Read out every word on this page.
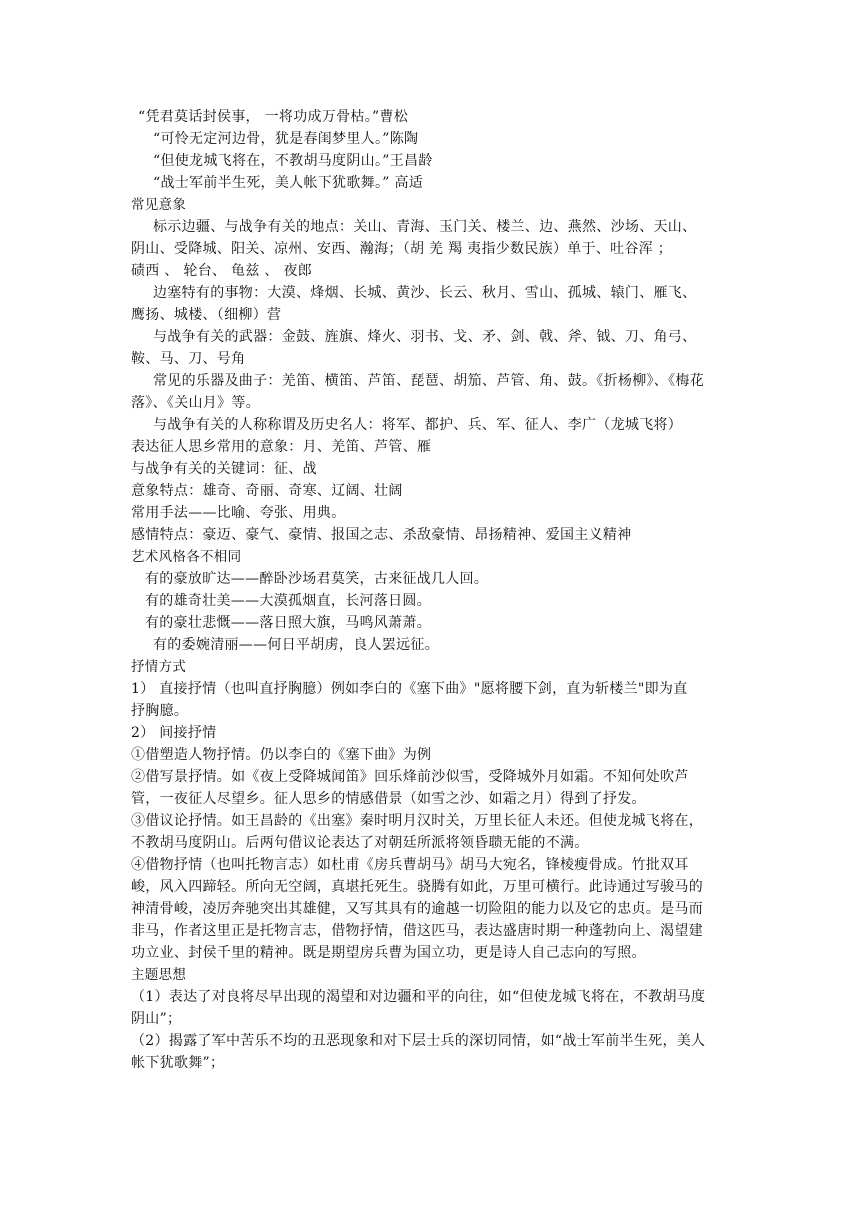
“凭君莫话封侯事， 一将功成万骨枯。”曹松
“可怜无定河边骨，犹是春闺梦里人。”陈陶
“但使龙城飞将在，不教胡马度阴山。”王昌龄
“战士军前半生死，美人帐下犹歌舞。” 高适
常见意象
标示边疆、与战争有关的地点：关山、青海、玉门关、楼兰、边、燕然、沙场、天山、
阴山、受降城、阳关、凉州、安西、瀚海；（胡 羌 羯 夷指少数民族）单于、吐谷浑 ；
碛西 、 轮台、 龟兹 、 夜郎
边塞特有的事物：大漠、烽烟、长城、黄沙、长云、秋月、雪山、孤城、辕门、雁飞、
鹰扬、城楼、（细柳）营
与战争有关的武器：金鼓、旌旗、烽火、羽书、戈、矛、剑、戟、斧、钺、刀、角弓、
鞍、马、刀、号角
常见的乐器及曲子：羌笛、横笛、芦笛、琵琶、胡笳、芦管、角、鼓。《折杨柳》、《梅花
落》、《关山月》等。
与战争有关的人称称谓及历史名人：将军、都护、兵、军、征人、李广（龙城飞将）
表达征人思乡常用的意象：月、羌笛、芦管、雁
与战争有关的关键词：征、战
意象特点：雄奇、奇丽、奇寒、辽阔、壮阔
常用手法——比喻、夸张、用典。
感情特点：豪迈、豪气、豪情、报国之志、杀敌豪情、昂扬精神、爱国主义精神
艺术风格各不相同
有的豪放旷达——醉卧沙场君莫笑，古来征战几人回。
有的雄奇壮美——大漠孤烟直，长河落日圆。
有的豪壮悲慨——落日照大旗，马鸣风萧萧。
有的委婉清丽——何日平胡虏，良人罢远征。
抒情方式
1） 直接抒情（也叫直抒胸臆）例如李白的《塞下曲》"愿将腰下剑，直为斩楼兰"即为直
抒胸臆。
2） 间接抒情
①借塑造人物抒情。仍以李白的《塞下曲》为例
②借写景抒情。如《夜上受降城闻笛》回乐烽前沙似雪，受降城外月如霜。不知何处吹芦
管，一夜征人尽望乡。征人思乡的情感借景（如雪之沙、如霜之月）得到了抒发。
③借议论抒情。如王昌龄的《出塞》秦时明月汉时关，万里长征人未还。但使龙城飞将在，
不教胡马度阴山。后两句借议论表达了对朝廷所派将领昏聩无能的不满。
④借物抒情（也叫托物言志）如杜甫《房兵曹胡马》胡马大宛名，锋棱瘦骨成。竹批双耳
峻，风入四蹄轻。所向无空阔，真堪托死生。骁腾有如此，万里可横行。此诗通过写骏马的
神清骨峻，凌厉奔驰突出其雄健，又写其具有的逾越一切险阻的能力以及它的忠贞。是马而
非马，作者这里正是托物言志，借物抒情，借这匹马，表达盛唐时期一种蓬勃向上、渴望建
功立业、封侯千里的精神。既是期望房兵曹为国立功，更是诗人自己志向的写照。
主题思想
（1）表达了对良将尽早出现的渴望和对边疆和平的向往，如“但使龙城飞将在，不教胡马度
阴山”；
（2）揭露了军中苦乐不均的丑恶现象和对下层士兵的深切同情，如“战士军前半生死，美人
帐下犹歌舞”；
